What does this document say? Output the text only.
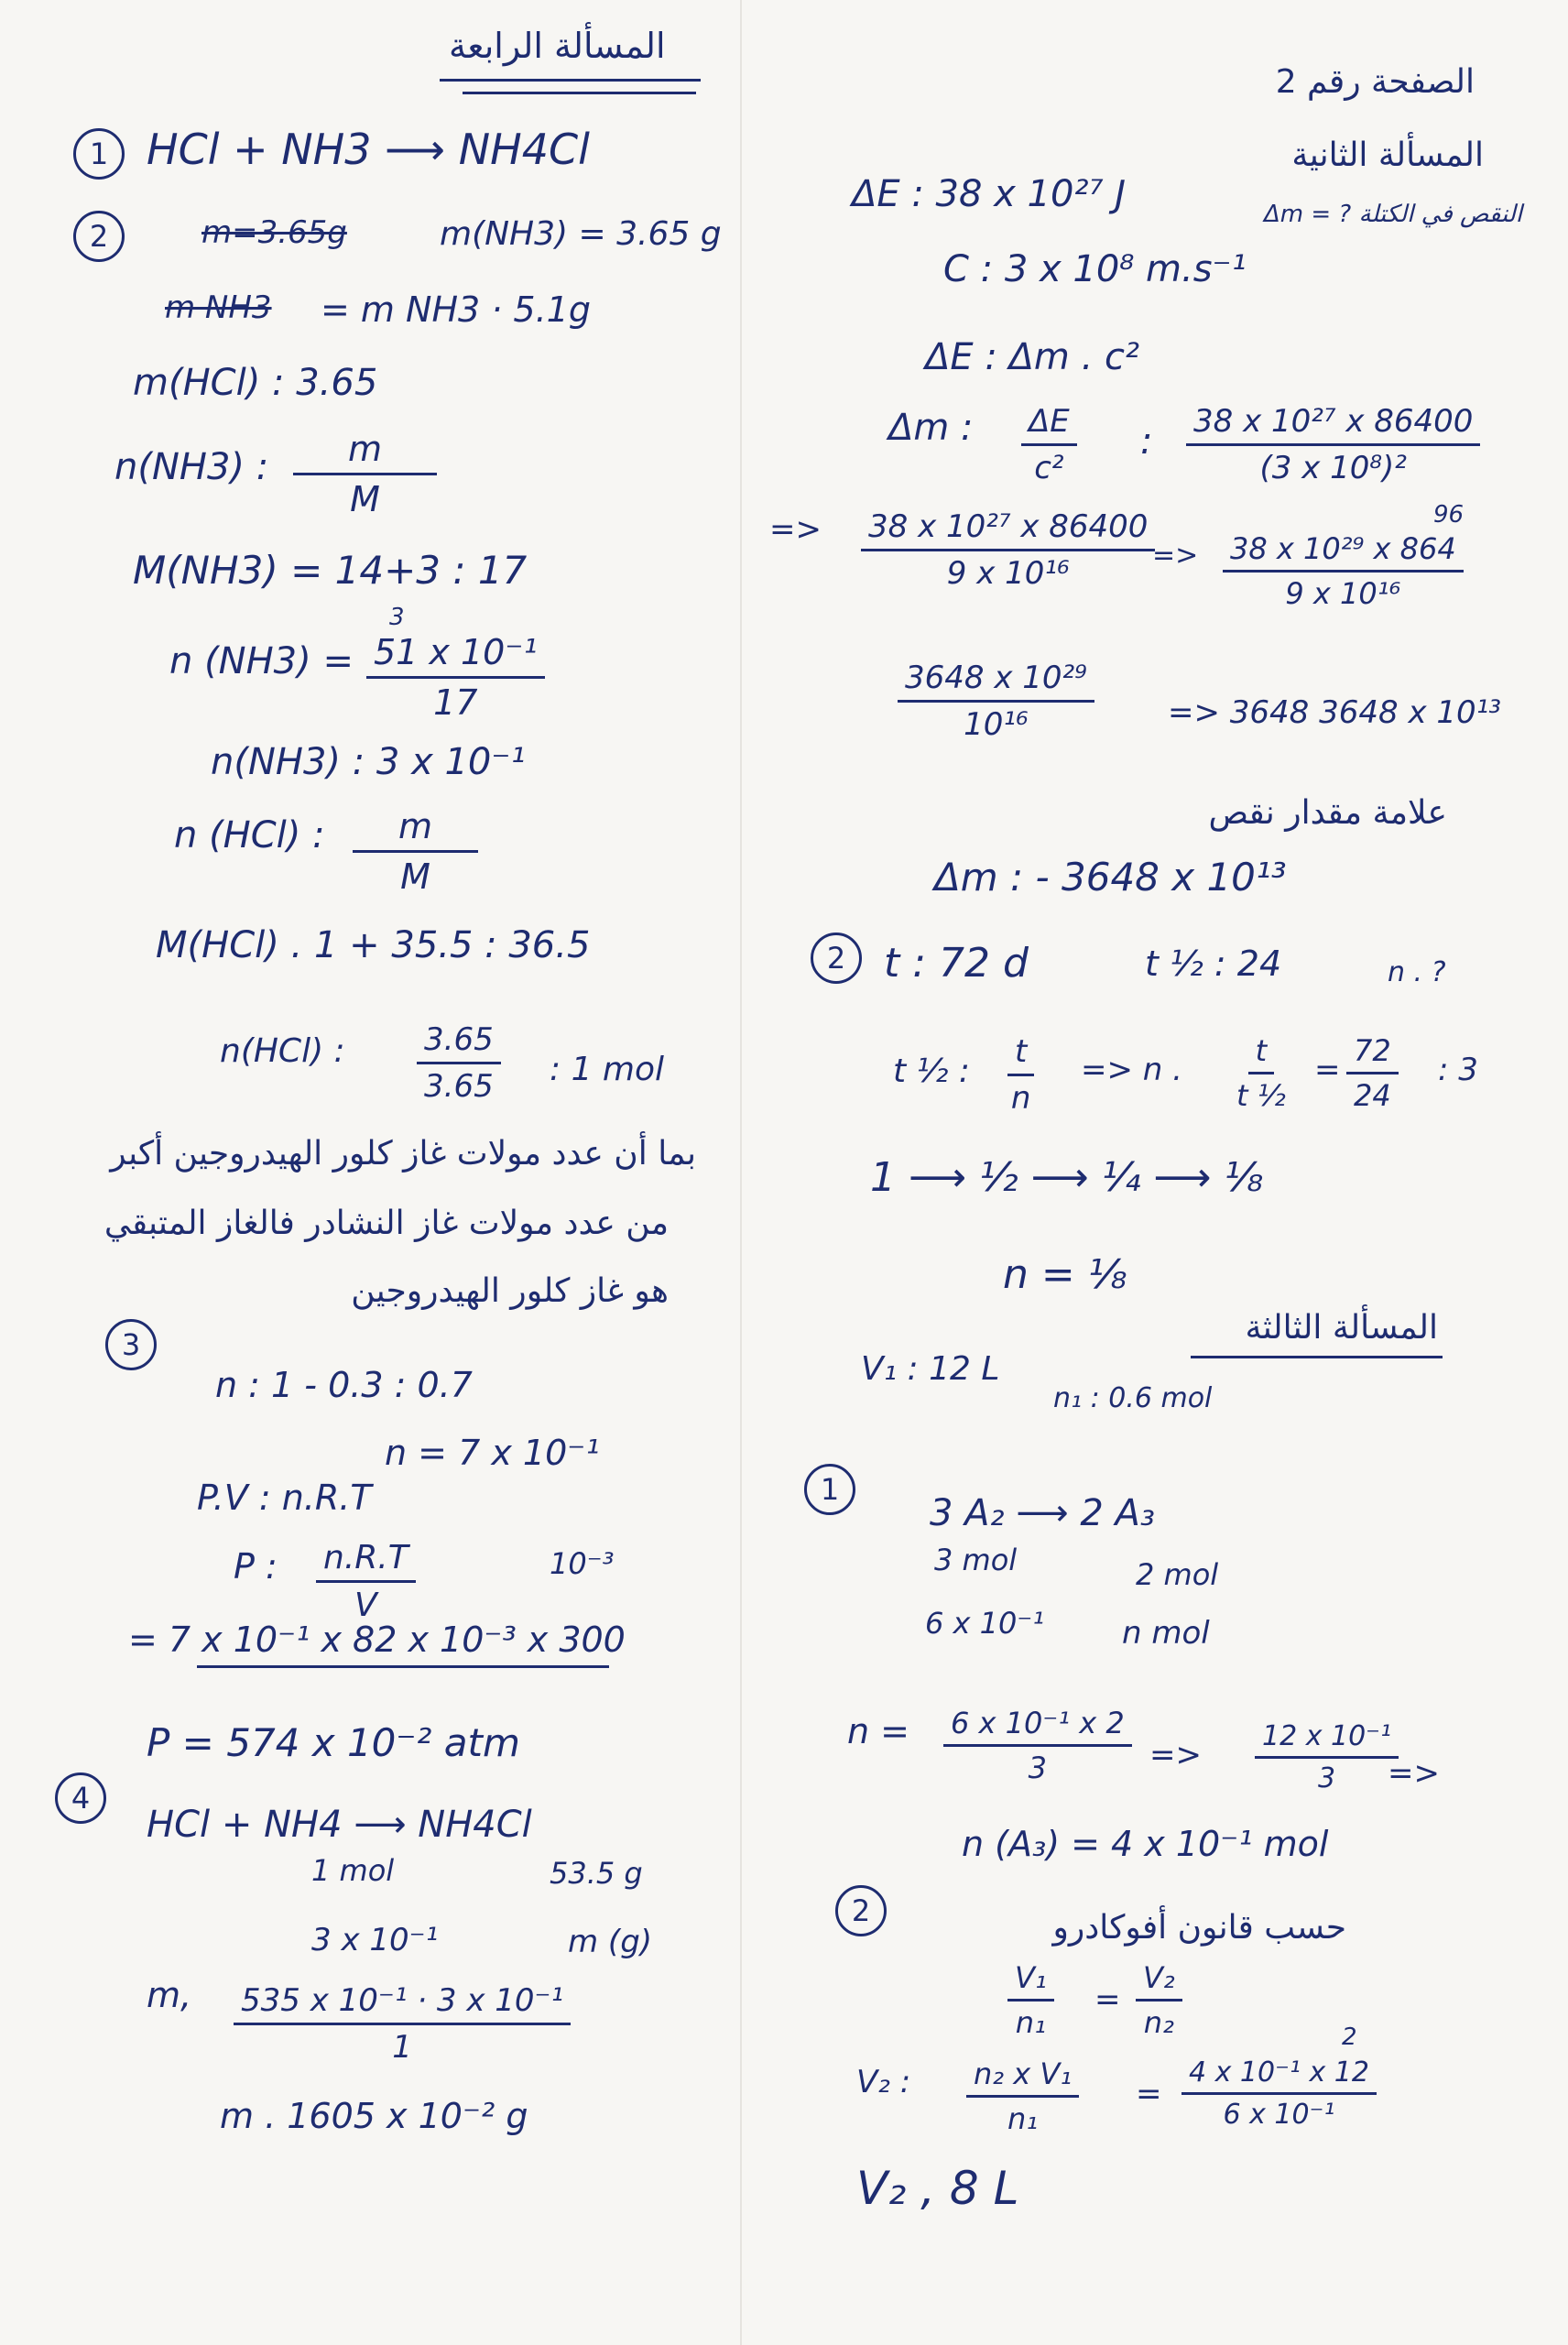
المسألة الرابعة
1 HCl + NH3 ⟶ NH4Cl
2	m=3.65g	m(NH3) = 3.65 g
m NH3 = m NH3 · 5.1g
m(HCl) : 3.65
n(NH3) : $\frac{m}{M}$
M(NH3) = 14+3 : 17
n (NH3) =
3
$\frac{\text{51 x 10⁻¹}}{17}$
n(NH3) : 3 x 10⁻¹
n (HCl) : $\frac{m}{M}$
M(HCl) . 1 + 35.5 : 36.5
n(HCl) : $\frac{3.65}{3.65}$ : 1 mol
بما أن عدد مولات غاز كلور الهيدروجين أكبر
من عدد مولات غاز النشادر فالغاز المتبقي
هو غاز كلور الهيدروجين
3
n : 1 - 0.3 : 0.7
n = 7 x 10⁻¹
P.V : n.R.T
P : $\frac{n.R.T}{V}$	10⁻³
= 7 x 10⁻¹ x 82 x 10⁻³ x 300
P = 574 x 10⁻² atm
4
HCl + NH4 ⟶ NH4Cl
1 mol	53.5 g
3 x 10⁻¹	m (g)
m, $\frac{\text{535 x 10⁻¹ · 3 x 10⁻¹}}{1}$
m . 1605 x 10⁻² g
الصفحة رقم 2
المسألة الثانية
Δm = ? النقص في الكتلة
ΔE : 38 x 10²⁷ J
C : 3 x 10⁸ m.s⁻¹
ΔE : Δm . c²
Δm : $\frac{\Delta E}{\text{c²}}$ : $\frac{\text{38 x 10²⁷ x 86400}}{\text{(3 x 10⁸)²}}$
=> $\frac{\text{38 x 10²⁷ x 86400}}{\text{9 x 10¹⁶}}$
=>
96
$\frac{\text{38 x 10²⁹ x 864}}{\text{9 x 10¹⁶}}$
$\frac{\text{3648 x 10²⁹}}{\text{10¹⁶}} => 3648$ 3648 x 10¹³
علامة مقدار نقص
Δm : - 3648 x 10¹³
2 t : 72 d	t ½ : 24	n . ?
t ½ : $\frac{t}{n} => n$ . $\frac{t}{\text{t ½}} = \frac{72}{24}$ : 3
1 ⟶ ½ ⟶ ¼ ⟶ ⅛
n = ⅛
المسألة الثالثة
V₁ : 12 L
n₁ : 0.6 mol
1
3 A₂ ⟶ 2 A₃
3 mol	2 mol
6 x 10⁻¹ n mol
$n = \frac{\text{6 x 10⁻¹ x 2}}{3} => \frac{\text{12 x 10⁻¹}}{3}$
=>
n (A₃) = 4 x 10⁻¹ mol
2	حسب قانون أفوكادرو
$\frac{\text{V₁}}{\text{n₁}} = \frac{\text{V₂}}{\text{n₂}}$
V₂ : $\frac{\text{n₂ x V₁}}{\text{n₁}}$ =
2
$\frac{\text{4 x 10⁻¹ x 12}}{\text{6 x 10⁻¹}}$
V₂ , 8 L
